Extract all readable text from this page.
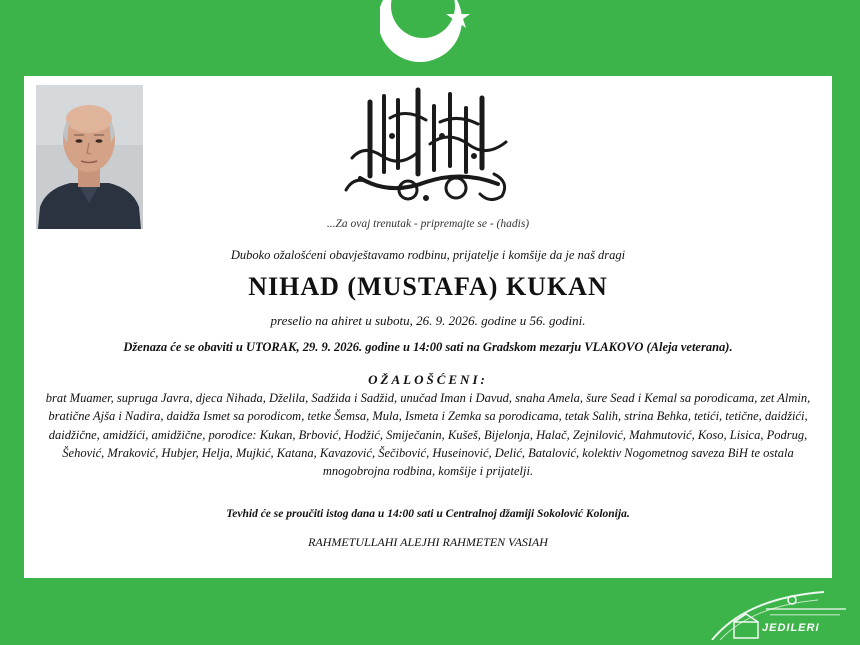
...Za ovaj trenutak - pripremajte se - (hadis)
Duboko ožalošćeni obavještavamo rodbinu, prijatelje i komšije da je naš dragi
NIHAD (MUSTAFA) KUKAN
preselio na ahiret u subotu, 26. 9. 2026. godine u 56. godini.
Dženaza će se obaviti u UTORAK, 29. 9. 2026. godine u 14:00 sati na Gradskom mezarju VLAKOVO (Aleja veterana).
OŽALOŠĆENI:
brat Muamer, supruga Javra, djeca Nihada, Dželila, Sadžida i Sadžid, unučad Iman i Davud, snaha Amela, šure Sead i Kemal sa porodicama, zet Almin, bratične Ajša i Nadira, daidža Ismet sa porodicom, tetke Šemsa, Mula, Ismeta i Zemka sa porodicama, tetak Salih, strina Behka, tetići, tetične, daidžići, daidžične, amidžići, amidžične, porodice: Kukan, Brbović, Hodžić, Smiječanin, Kušeš, Bijelonja, Halač, Zejnilović, Mahmutović, Koso, Lisica, Podrug, Šehović, Mraković, Hubjer, Helja, Mujkić, Katana, Kavazović, Šečibović, Huseinović, Delić, Batalović, kolektiv Nogometnog saveza BiH te ostala mnogobrojna rodbina, komšije i prijatelji.
Tevhid će se proučiti istog dana u 14:00 sati u Centralnoj džamiji Sokolović Kolonija.
RAHMETULLAHI ALEJHI RAHMETEN VASIAH
JEDILERI
